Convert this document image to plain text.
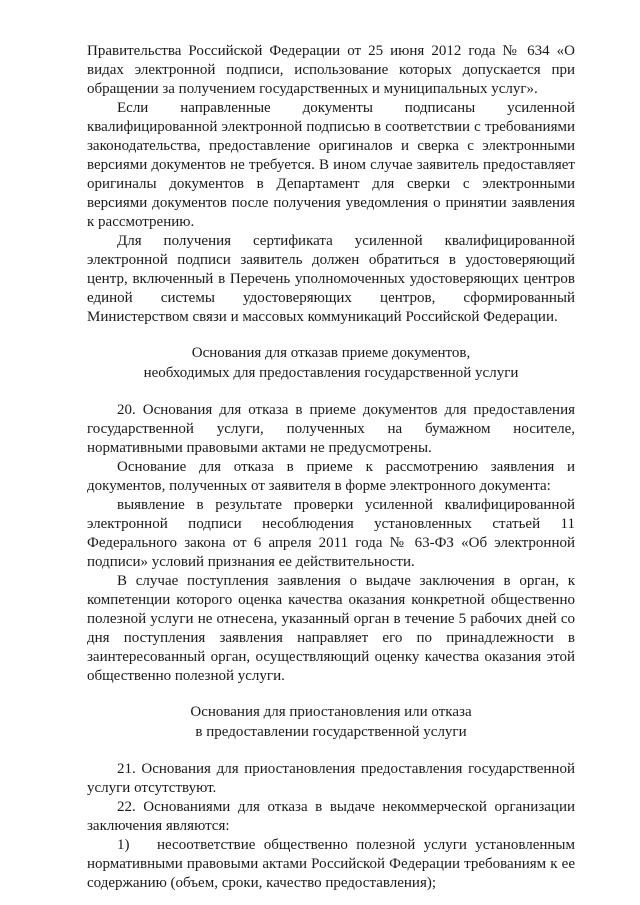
Правительства Российской Федерации от 25 июня 2012 года № 634 «О видах электронной подписи, использование которых допускается при обращении за получением государственных и муниципальных услуг».

Если направленные документы подписаны усиленной квалифицированной электронной подписью в соответствии с требованиями законодательства, предоставление оригиналов и сверка с электронными версиями документов не требуется. В ином случае заявитель предоставляет оригиналы документов в Департамент для сверки с электронными версиями документов после получения уведомления о принятии заявления к рассмотрению.

Для получения сертификата усиленной квалифицированной электронной подписи заявитель должен обратиться в удостоверяющий центр, включенный в Перечень уполномоченных удостоверяющих центров единой системы удостоверяющих центров, сформированный Министерством связи и массовых коммуникаций Российской Федерации.

Основания для отказав приеме документов,
необходимых для предоставления государственной услуги

20. Основания для отказа в приеме документов для предоставления государственной услуги, полученных на бумажном носителе, нормативными правовыми актами не предусмотрены.

Основание для отказа в приеме к рассмотрению заявления и документов, полученных от заявителя в форме электронного документа:

выявление в результате проверки усиленной квалифицированной электронной подписи несоблюдения установленных статьей 11 Федерального закона от 6 апреля 2011 года № 63-ФЗ «Об электронной подписи» условий признания ее действительности.

В случае поступления заявления о выдаче заключения в орган, к компетенции которого оценка качества оказания конкретной общественно полезной услуги не отнесена, указанный орган в течение 5 рабочих дней со дня поступления заявления направляет его по принадлежности в заинтересованный орган, осуществляющий оценку качества оказания этой общественно полезной услуги.

Основания для приостановления или отказа
в предоставлении государственной услуги

21. Основания для приостановления предоставления государственной услуги отсутствуют.

22. Основаниями для отказа в выдаче некоммерческой организации заключения являются:

1) несоответствие общественно полезной услуги установленным нормативными правовыми актами Российской Федерации требованиям к ее содержанию (объем, сроки, качество предоставления);
